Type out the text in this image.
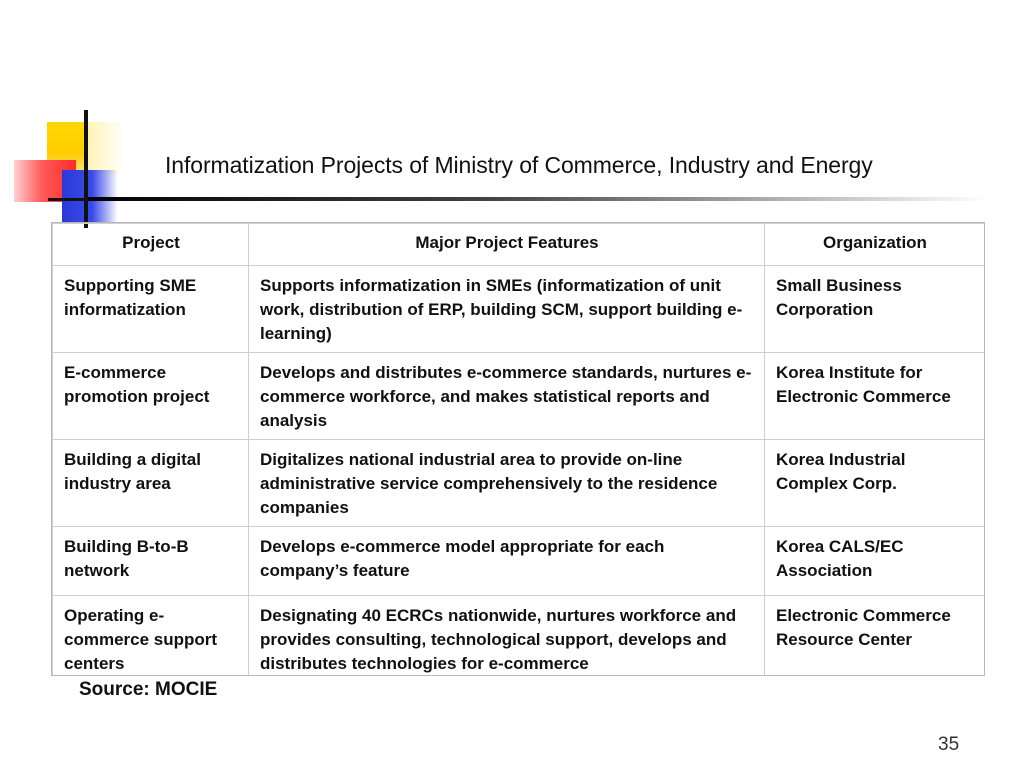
Informatization Projects of Ministry of Commerce, Industry and Energy
Project	Major Project Features	Organization
Supporting SME informatization	Supports informatization in SMEs (informatization of unit work, distribution of ERP, building SCM, support building e-learning)	Small Business Corporation
E-commerce promotion project	Develops and distributes e-commerce standards, nurtures e-commerce workforce, and makes statistical reports and analysis	Korea Institute for Electronic Commerce
Building a digital industry area	Digitalizes national industrial area to provide on-line administrative service comprehensively to the residence companies	Korea Industrial Complex Corp.
Building B-to-B network	Develops e-commerce model appropriate for each company’s feature	Korea CALS/EC Association
Operating e-commerce support centers	Designating 40 ECRCs nationwide, nurtures workforce and provides consulting, technological support, develops and distributes technologies for e-commerce	Electronic Commerce Resource Center
Source: MOCIE
35
